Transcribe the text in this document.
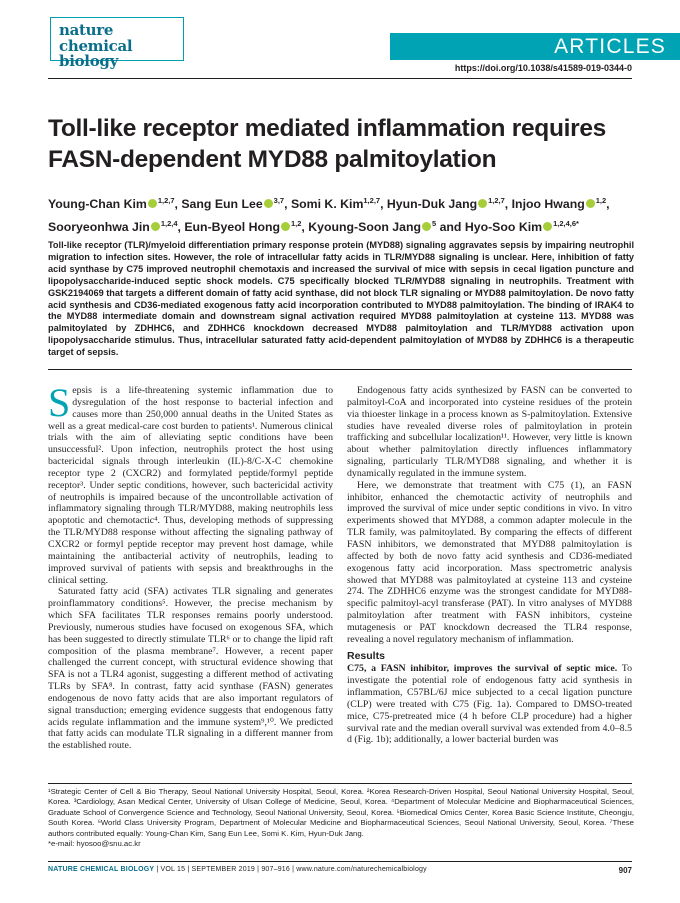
nature
chemical biology
ARTICLES
https://doi.org/10.1038/s41589-019-0344-0
Toll-like receptor mediated inflammation requires FASN-dependent MYD88 palmitoylation
Young-Chan Kim $^{1,2,7}$, Sang Eun Lee $^{3,7}$, Somi K. Kim$^{1,2,7}$, Hyun-Duk Jang $^{1,2,7}$, Injoo Hwang $^{1,2}$, Sooryeonhwa Jin $^{1,2,4}$, Eun-Byeol Hong $^{1,2}$, Kyoung-Soon Jang $^5$ and Hyo-Soo Kim $^{1,2,4,6*}$
Toll-like receptor (TLR)/myeloid differentiation primary response protein (MYD88) signaling aggravates sepsis by impairing neutrophil migration to infection sites. However, the role of intracellular fatty acids in TLR/MYD88 signaling is unclear. Here, inhibition of fatty acid synthase by C75 improved neutrophil chemotaxis and increased the survival of mice with sepsis in cecal ligation puncture and lipopolysaccharide-induced septic shock models. C75 specifically blocked TLR/MYD88 signaling in neutrophils. Treatment with GSK2194069 that targets a different domain of fatty acid synthase, did not block TLR signaling or MYD88 palmitoylation. De novo fatty acid synthesis and CD36-mediated exogenous fatty acid incorporation contributed to MYD88 palmitoylation. The binding of IRAK4 to the MYD88 intermediate domain and downstream signal activation required MYD88 palmitoylation at cysteine 113. MYD88 was palmitoylated by ZDHHC6, and ZDHHC6 knockdown decreased MYD88 palmitoylation and TLR/MYD88 activation upon lipopolysaccharide stimulus. Thus, intracellular saturated fatty acid-dependent palmitoylation of MYD88 by ZDHHC6 is a therapeutic target of sepsis.

Sepsis is a life-threatening systemic inflammation due to dysregulation of the host response to bacterial infection and causes more than 250,000 annual deaths in the United States as well as a great medical-care cost burden to patients¹. Numerous clinical trials with the aim of alleviating septic conditions have been unsuccessful². Upon infection, neutrophils protect the host using bactericidal signals through interleukin (IL)-8/C-X-C chemokine receptor type 2 (CXCR2) and formylated peptide/formyl peptide receptor³. Under septic conditions, however, such bactericidal activity of neutrophils is impaired because of the uncontrollable activation of inflammatory signaling through TLR/MYD88, making neutrophils less apoptotic and chemotactic⁴. Thus, developing methods of suppressing the TLR/MYD88 response without affecting the signaling pathway of CXCR2 or formyl peptide receptor may prevent host damage, while maintaining the antibacterial activity of neutrophils, leading to improved survival of patients with sepsis and breakthroughs in the clinical setting.

Saturated fatty acid (SFA) activates TLR signaling and generates proinflammatory conditions⁵. However, the precise mechanism by which SFA facilitates TLR responses remains poorly understood. Previously, numerous studies have focused on exogenous SFA, which has been suggested to directly stimulate TLR⁶ or to change the lipid raft composition of the plasma membrane⁷. However, a recent paper challenged the current concept, with structural evidence showing that SFA is not a TLR4 agonist, suggesting a different method of activating TLRs by SFA⁸. In contrast, fatty acid synthase (FASN) generates endogenous de novo fatty acids that are also important regulators of signal transduction; emerging evidence suggests that endogenous fatty acids regulate inflammation and the immune system⁹,¹⁰. We predicted that fatty acids can modulate TLR signaling in a different manner from the established route.

Endogenous fatty acids synthesized by FASN can be converted to palmitoyl-CoA and incorporated into cysteine residues of the protein via thioester linkage in a process known as S-palmitoylation. Extensive studies have revealed diverse roles of palmitoylation in protein trafficking and subcellular localization¹¹. However, very little is known about whether palmitoylation directly influences inflammatory signaling, particularly TLR/MYD88 signaling, and whether it is dynamically regulated in the immune system.

Here, we demonstrate that treatment with C75 (1), an FASN inhibitor, enhanced the chemotactic activity of neutrophils and improved the survival of mice under septic conditions in vivo. In vitro experiments showed that MYD88, a common adapter molecule in the TLR family, was palmitoylated. By comparing the effects of different FASN inhibitors, we demonstrated that MYD88 palmitoylation is affected by both de novo fatty acid synthesis and CD36-mediated exogenous fatty acid incorporation. Mass spectrometric analysis showed that MYD88 was palmitoylated at cysteine 113 and cysteine 274. The ZDHHC6 enzyme was the strongest candidate for MYD88-specific palmitoyl-acyl transferase (PAT). In vitro analyses of MYD88 palmitoylation after treatment with FASN inhibitors, cysteine mutagenesis or PAT knockdown decreased the TLR4 response, revealing a novel regulatory mechanism of inflammation.

Results

C75, a FASN inhibitor, improves the survival of septic mice. To investigate the potential role of endogenous fatty acid synthesis in inflammation, C57BL/6J mice subjected to a cecal ligation puncture (CLP) were treated with C75 (Fig. 1a). Compared to DMSO-treated mice, C75-pretreated mice (4 h before CLP procedure) had a higher survival rate and the median overall survival was extended from 4.0–8.5 d (Fig. 1b); additionally, a lower bacterial burden was

¹Strategic Center of Cell & Bio Therapy, Seoul National University Hospital, Seoul, Korea. ²Korea Research-Driven Hospital, Seoul National University Hospital, Seoul, Korea. ³Cardiology, Asan Medical Center, University of Ulsan College of Medicine, Seoul, Korea. ⁴Department of Molecular Medicine and Biopharmaceutical Sciences, Graduate School of Convergence Science and Technology, Seoul National University, Seoul, Korea. ⁵Biomedical Omics Center, Korea Basic Science Institute, Cheongju, South Korea. ⁶World Class University Program, Department of Molecular Medicine and Biopharmaceutical Sciences, Seoul National University, Seoul, Korea. ⁷These authors contributed equally: Young-Chan Kim, Sang Eun Lee, Somi K. Kim, Hyun-Duk Jang.
*e-mail: hyosoo@snu.ac.kr
NATURE CHEMICAL BIOLOGY | VOL 15 | SEPTEMBER 2019 | 907–916 | www.nature.com/naturechemicalbiology	907
